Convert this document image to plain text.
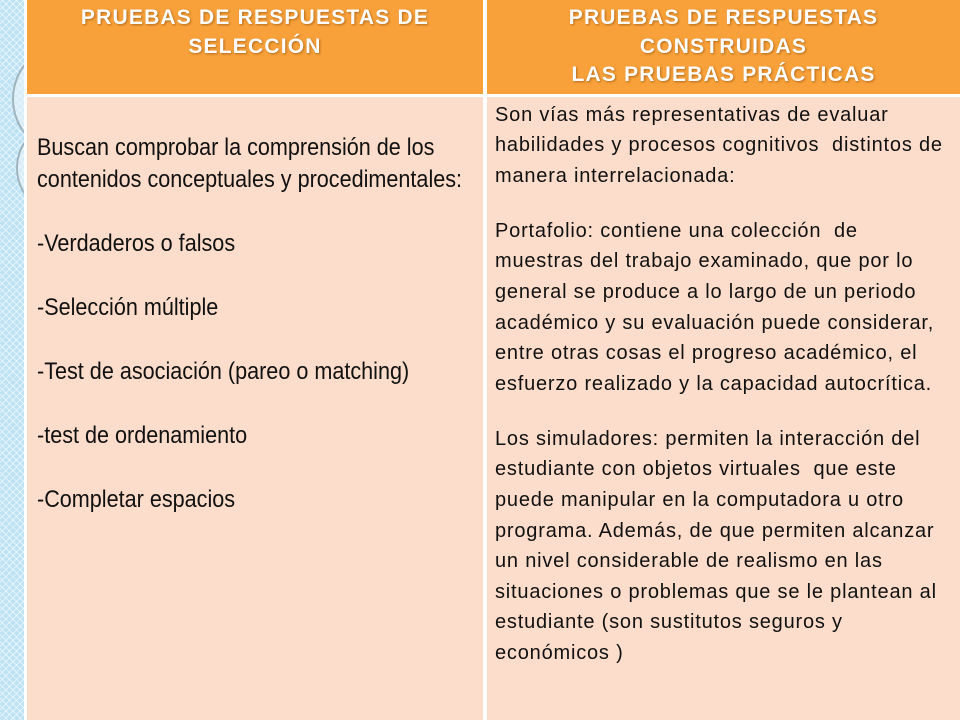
PRUEBAS DE RESPUESTAS DE
SELECCIÓN
PRUEBAS DE RESPUESTAS
CONSTRUIDAS
LAS PRUEBAS PRÁCTICAS
Buscan comprobar la comprensión de los
contenidos conceptuales y procedimentales:
-Verdaderos o falsos
-Selección múltiple
-Test de asociación (pareo o matching)
-test de ordenamiento
-Completar espacios
Son vías más representativas de evaluar
habilidades y procesos cognitivos  distintos de
manera interrelacionada:
Portafolio: contiene una colección  de
muestras del trabajo examinado, que por lo
general se produce a lo largo de un periodo
académico y su evaluación puede considerar,
entre otras cosas el progreso académico, el
esfuerzo realizado y la capacidad autocrítica.
Los simuladores: permiten la interacción del
estudiante con objetos virtuales  que este
puede manipular en la computadora u otro
programa. Además, de que permiten alcanzar
un nivel considerable de realismo en las
situaciones o problemas que se le plantean al
estudiante (son sustitutos seguros y
económicos )
